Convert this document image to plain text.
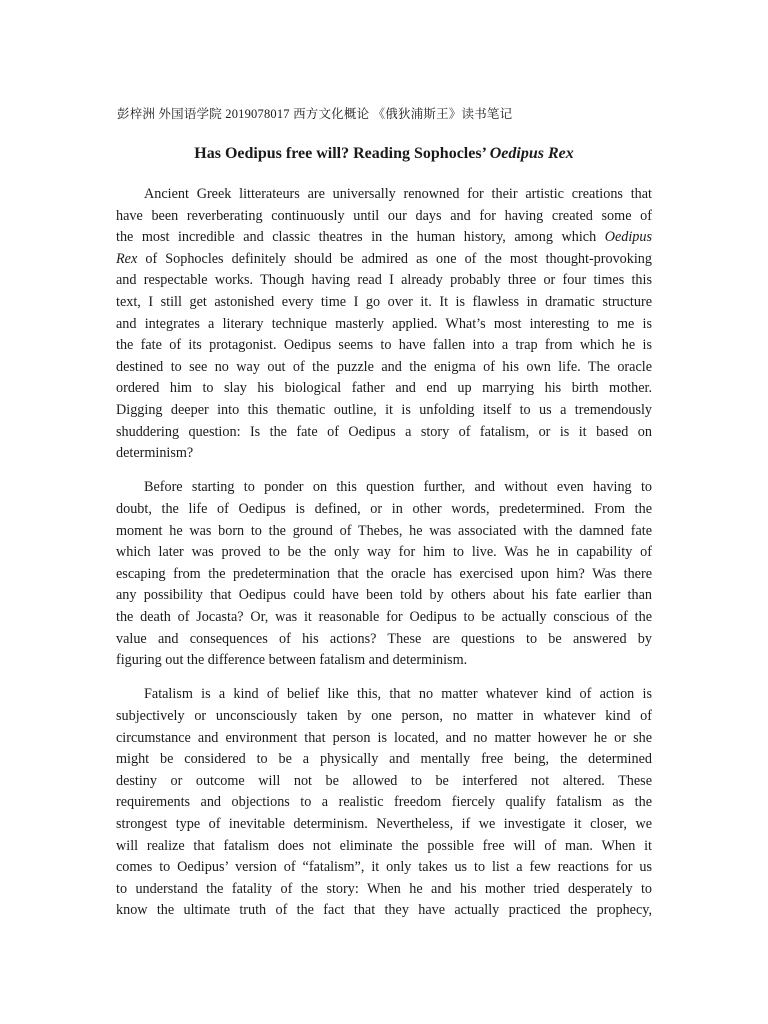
彭梓洲 外国语学院 2019078017 西方文化概论 《俄狄浦斯王》读书笔记
Has Oedipus free will? Reading Sophocles’ Oedipus Rex
Ancient Greek litterateurs are universally renowned for their artistic creations that
have been reverberating continuously until our days and for having created some of
the most incredible and classic theatres in the human history, among which Oedipus
Rex of Sophocles definitely should be admired as one of the most thought-provoking
and respectable works. Though having read I already probably three or four times this
text, I still get astonished every time I go over it. It is flawless in dramatic structure
and integrates a literary technique masterly applied. What’s most interesting to me is
the fate of its protagonist. Oedipus seems to have fallen into a trap from which he is
destined to see no way out of the puzzle and the enigma of his own life. The oracle
ordered him to slay his biological father and end up marrying his birth mother.
Digging deeper into this thematic outline, it is unfolding itself to us a tremendously
shuddering question: Is the fate of Oedipus a story of fatalism, or is it based on
determinism?
Before starting to ponder on this question further, and without even having to
doubt, the life of Oedipus is defined, or in other words, predetermined. From the
moment he was born to the ground of Thebes, he was associated with the damned fate
which later was proved to be the only way for him to live. Was he in capability of
escaping from the predetermination that the oracle has exercised upon him? Was there
any possibility that Oedipus could have been told by others about his fate earlier than
the death of Jocasta? Or, was it reasonable for Oedipus to be actually conscious of the
value and consequences of his actions? These are questions to be answered by
figuring out the difference between fatalism and determinism.
Fatalism is a kind of belief like this, that no matter whatever kind of action is
subjectively or unconsciously taken by one person, no matter in whatever kind of
circumstance and environment that person is located, and no matter however he or she
might be considered to be a physically and mentally free being, the determined
destiny or outcome will not be allowed to be interfered not altered. These
requirements and objections to a realistic freedom fiercely qualify fatalism as the
strongest type of inevitable determinism. Nevertheless, if we investigate it closer, we
will realize that fatalism does not eliminate the possible free will of man. When it
comes to Oedipus’ version of “fatalism”, it only takes us to list a few reactions for us
to understand the fatality of the story: When he and his mother tried desperately to
know the ultimate truth of the fact that they have actually practiced the prophecy,
